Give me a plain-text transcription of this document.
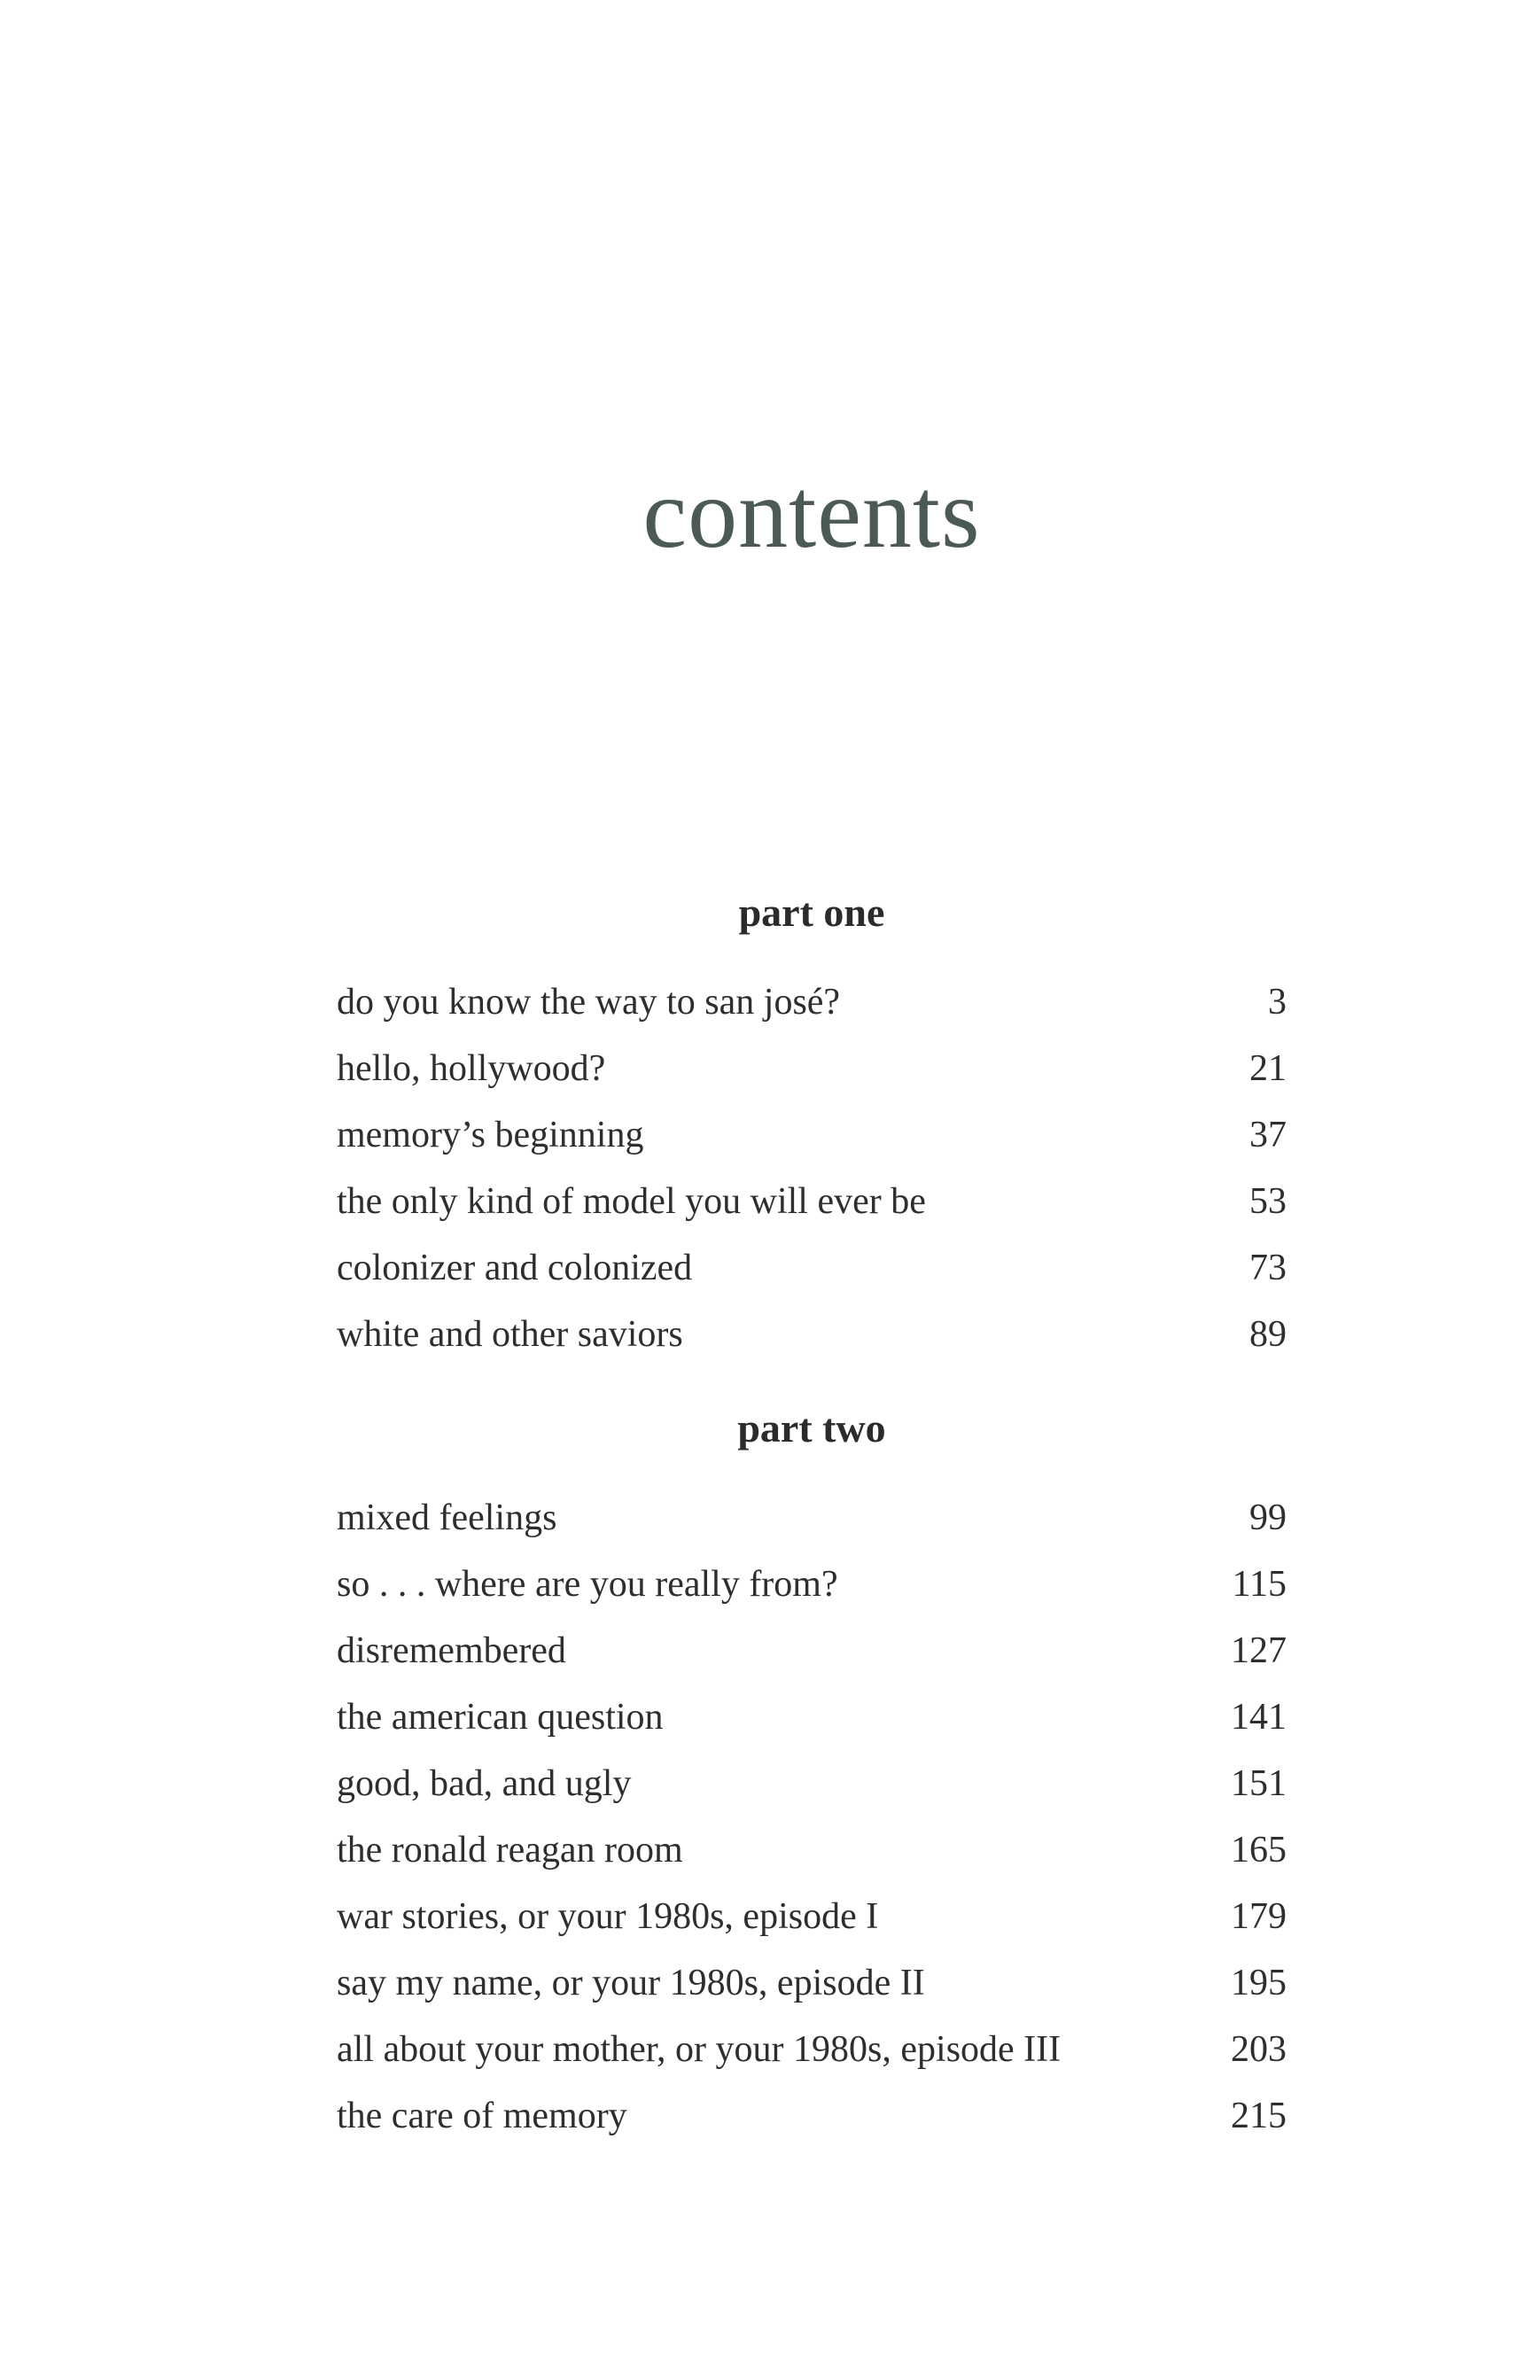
contents
part one
do you know the way to san josé?	3
hello, hollywood?	21
memory’s beginning	37
the only kind of model you will ever be	53
colonizer and colonized	73
white and other saviors	89
part two
mixed feelings	99
so . . . where are you really from?	115
disremembered	127
the american question	141
good, bad, and ugly	151
the ronald reagan room	165
war stories, or your 1980s, episode I	179
say my name, or your 1980s, episode II	195
all about your mother, or your 1980s, episode III	203
the care of memory	215
